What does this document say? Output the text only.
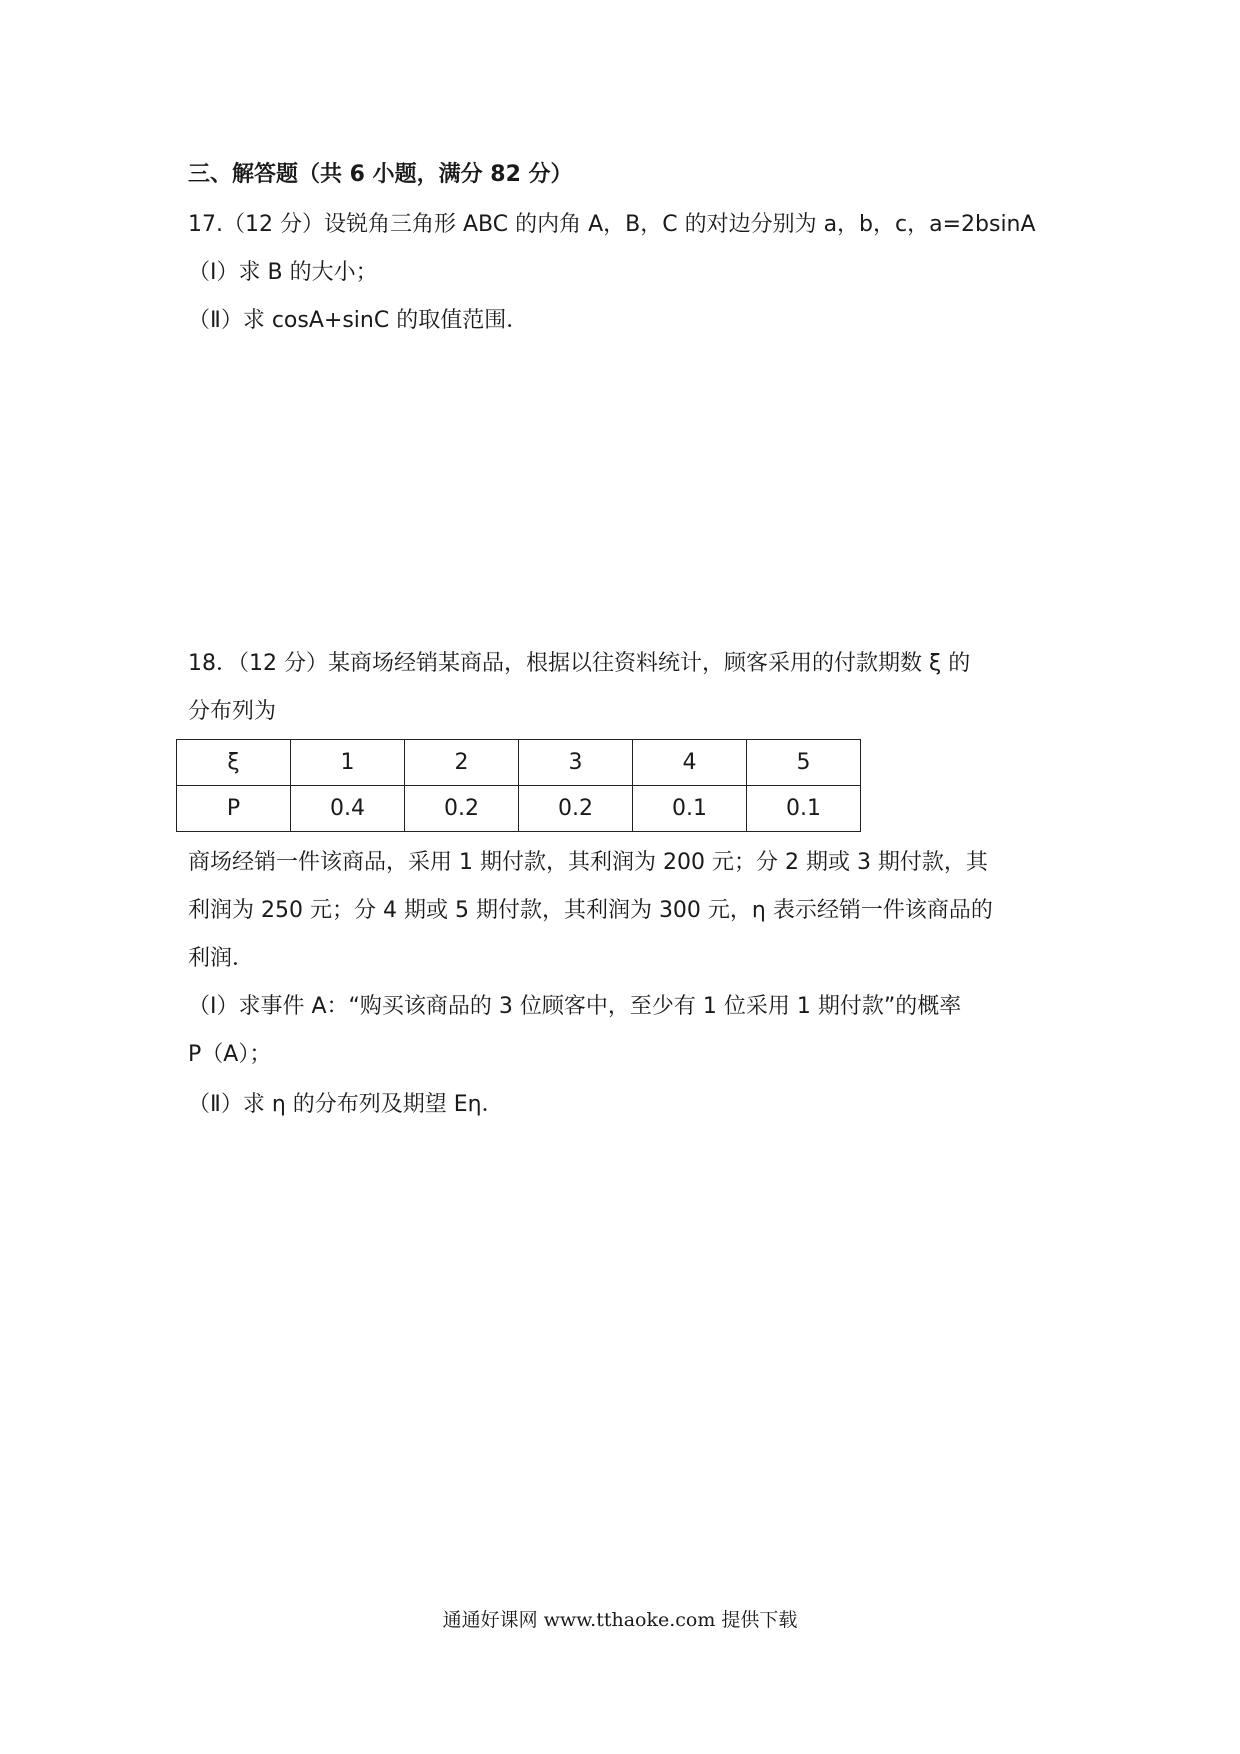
三、解答题（共 6 小题，满分 82 分）
17.（12 分）设锐角三角形 ABC 的内角 A，B，C 的对边分别为 a，b，c，a=2bsinA
（Ⅰ）求 B 的大小；
（Ⅱ）求 cosA+sinC 的取值范围．
18．（12 分）某商场经销某商品，根据以往资料统计，顾客采用的付款期数 ξ 的
分布列为
ξ	1	2	3	4	5
P	0.4	0.2	0.2	0.1	0.1
商场经销一件该商品，采用 1 期付款，其利润为 200 元；分 2 期或 3 期付款，其
利润为 250 元；分 4 期或 5 期付款，其利润为 300 元，η 表示经销一件该商品的
利润．
（Ⅰ）求事件 A：“购买该商品的 3 位顾客中，至少有 1 位采用 1 期付款”的概率
P（A）；
（Ⅱ）求 η 的分布列及期望 Eη．
通通好课网 www.tthaoke.com 提供下载
